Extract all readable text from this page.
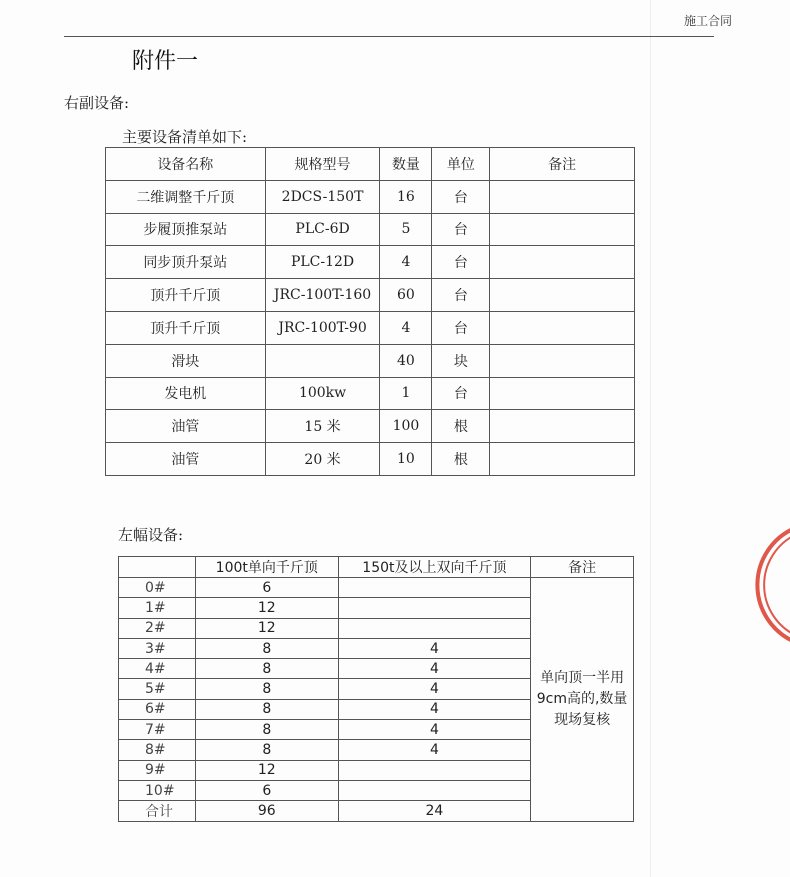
施工合同
附件一
右副设备:
主要设备清单如下:
设备名称	规格型号	数量	单位	备注
二维调整千斤顶	2DCS-150T	16	台	
步履顶推泵站	PLC-6D	5	台	
同步顶升泵站	PLC-12D	4	台	
顶升千斤顶	JRC-100T-160	60	台	
顶升千斤顶	JRC-100T-90	4	台	
滑块		40	块	
发电机	100kw	1	台	
油管	15 米	100	根	
油管	20 米	10	根	
左幅设备:
	100t单向千斤顶	150t及以上双向千斤顶	备注
0#	6		单向顶一半用9cm高的,数量现场复核
1#	12		
2#	12		
3#	8	4	
4#	8	4	
5#	8	4	
6#	8	4	
7#	8	4	
8#	8	4	
9#	12		
10#	6		
合计	96	24	
